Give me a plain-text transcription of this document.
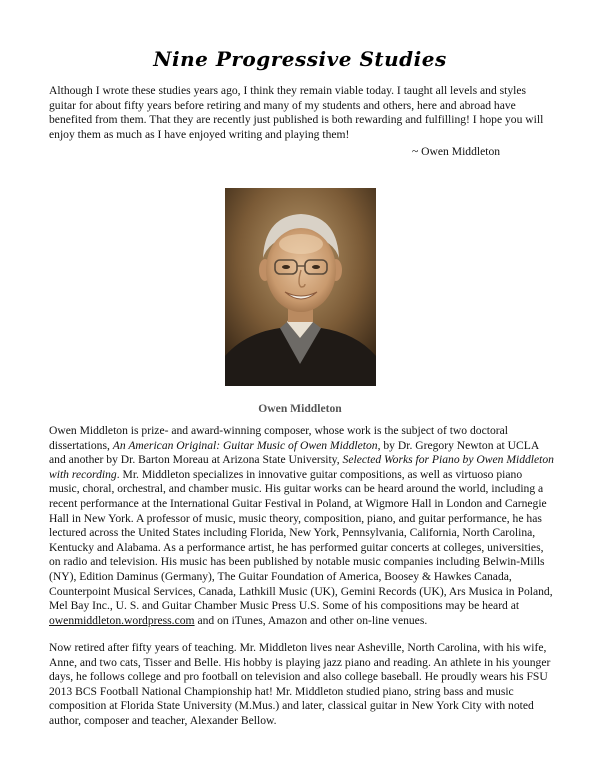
Nine Progressive Studies

Although I wrote these studies years ago, I think they remain viable today. I taught all levels and styles guitar for about fifty years before retiring and many of my students and others, here and abroad have benefited from them. That they are recently just published is both rewarding and fulfilling! I hope you will enjoy them as much as I have enjoyed writing and playing them!

~ Owen Middleton

Owen Middleton

Owen Middleton is prize- and award-winning composer, whose work is the subject of two doctoral dissertations, An American Original: Guitar Music of Owen Middleton, by Dr. Gregory Newton at UCLA and another by Dr. Barton Moreau at Arizona State University, Selected Works for Piano by Owen Middleton with recording. Mr. Middleton specializes in innovative guitar compositions, as well as virtuoso piano music, choral, orchestral, and chamber music. His guitar works can be heard around the world, including a recent performance at the International Guitar Festival in Poland, at Wigmore Hall in London and Carnegie Hall in New York. A professor of music, music theory, composition, piano, and guitar performance, he has lectured across the United States including Florida, New York, Pennsylvania, California, North Carolina, Kentucky and Alabama. As a performance artist, he has performed guitar concerts at colleges, universities, on radio and television. His music has been published by notable music companies including Belwin-Mills (NY), Edition Daminus (Germany), The Guitar Foundation of America, Boosey & Hawkes Canada, Counterpoint Musical Services, Canada, Lathkill Music (UK), Gemini Records (UK), Ars Musica in Poland, Mel Bay Inc., U. S. and Guitar Chamber Music Press U.S. Some of his compositions may be heard at owenmiddleton.wordpress.com and on iTunes, Amazon and other on-line venues.

Now retired after fifty years of teaching. Mr. Middleton lives near Asheville, North Carolina, with his wife, Anne, and two cats, Tisser and Belle. His hobby is playing jazz piano and reading. An athlete in his younger days, he follows college and pro football on television and also college baseball. He proudly wears his FSU 2013 BCS Football National Championship hat! Mr. Middleton studied piano, string bass and music composition at Florida State University (M.Mus.) and later, classical guitar in New York City with noted author, composer and teacher, Alexander Bellow.
